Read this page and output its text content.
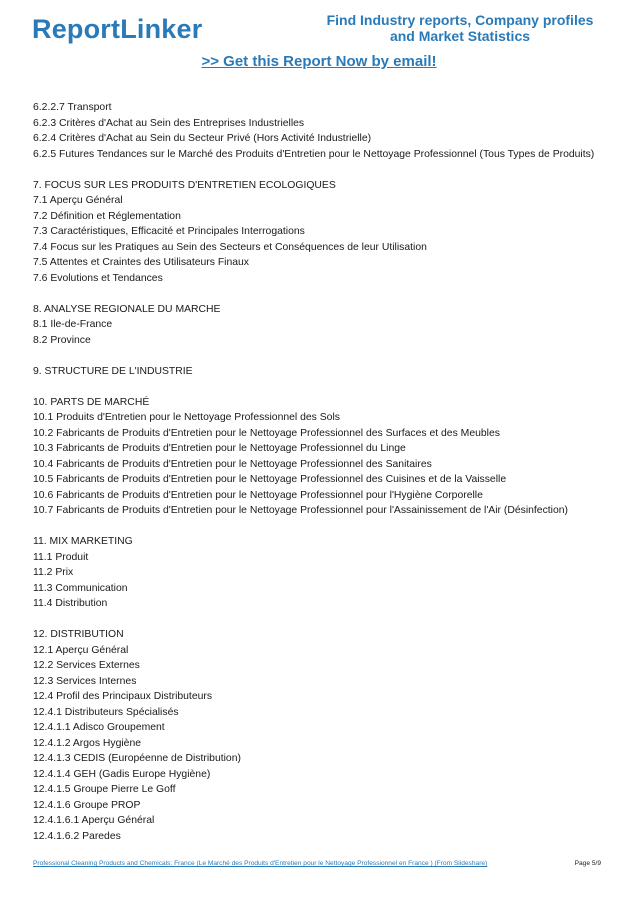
ReportLinker	Find Industry reports, Company profiles
and Market Statistics
>> Get this Report Now by email!
6.2.2.7 Transport
6.2.3 Critères d'Achat au Sein des Entreprises Industrielles
6.2.4 Critères d'Achat au Sein du Secteur Privé (Hors Activité Industrielle)
6.2.5 Futures Tendances sur le Marché des Produits d'Entretien pour le Nettoyage Professionnel (Tous Types de Produits)
7. FOCUS SUR LES PRODUITS D'ENTRETIEN ECOLOGIQUES
7.1 Aperçu Général
7.2 Définition et Réglementation
7.3 Caractéristiques, Efficacité et Principales Interrogations
7.4 Focus sur les Pratiques au Sein des Secteurs et Conséquences de leur Utilisation
7.5 Attentes et Craintes des Utilisateurs Finaux
7.6 Evolutions et Tendances
8. ANALYSE REGIONALE DU MARCHE
8.1 Ile-de-France
8.2 Province
9. STRUCTURE DE L'INDUSTRIE
10. PARTS DE MARCHÉ
10.1 Produits d'Entretien pour le Nettoyage Professionnel des Sols
10.2 Fabricants de Produits d'Entretien pour le Nettoyage Professionnel des Surfaces et des Meubles
10.3 Fabricants de Produits d'Entretien pour le Nettoyage Professionnel du Linge
10.4 Fabricants de Produits d'Entretien pour le Nettoyage Professionnel des Sanitaires
10.5 Fabricants de Produits d'Entretien pour le Nettoyage Professionnel des Cuisines et de la Vaisselle
10.6 Fabricants de Produits d'Entretien pour le Nettoyage Professionnel pour l'Hygiène Corporelle
10.7 Fabricants de Produits d'Entretien pour le Nettoyage Professionnel pour l'Assainissement de l'Air (Désinfection)
11. MIX MARKETING
11.1 Produit
11.2 Prix
11.3 Communication
11.4 Distribution
12. DISTRIBUTION
12.1 Aperçu Général
12.2 Services Externes
12.3 Services Internes
12.4 Profil des Principaux Distributeurs
12.4.1 Distributeurs Spécialisés
12.4.1.1 Adisco Groupement
12.4.1.2 Argos Hygiène
12.4.1.3 CEDIS (Européenne de Distribution)
12.4.1.4 GEH (Gadis Europe Hygiène)
12.4.1.5 Groupe Pierre Le Goff
12.4.1.6 Groupe PROP
12.4.1.6.1 Aperçu Général
12.4.1.6.2 Paredes
Professional Cleaning Products and Chemicals: France (Le Marché des Produits d'Entretien pour le Nettoyage Professionnel en France ) (From Slideshare)	Page 5/9
